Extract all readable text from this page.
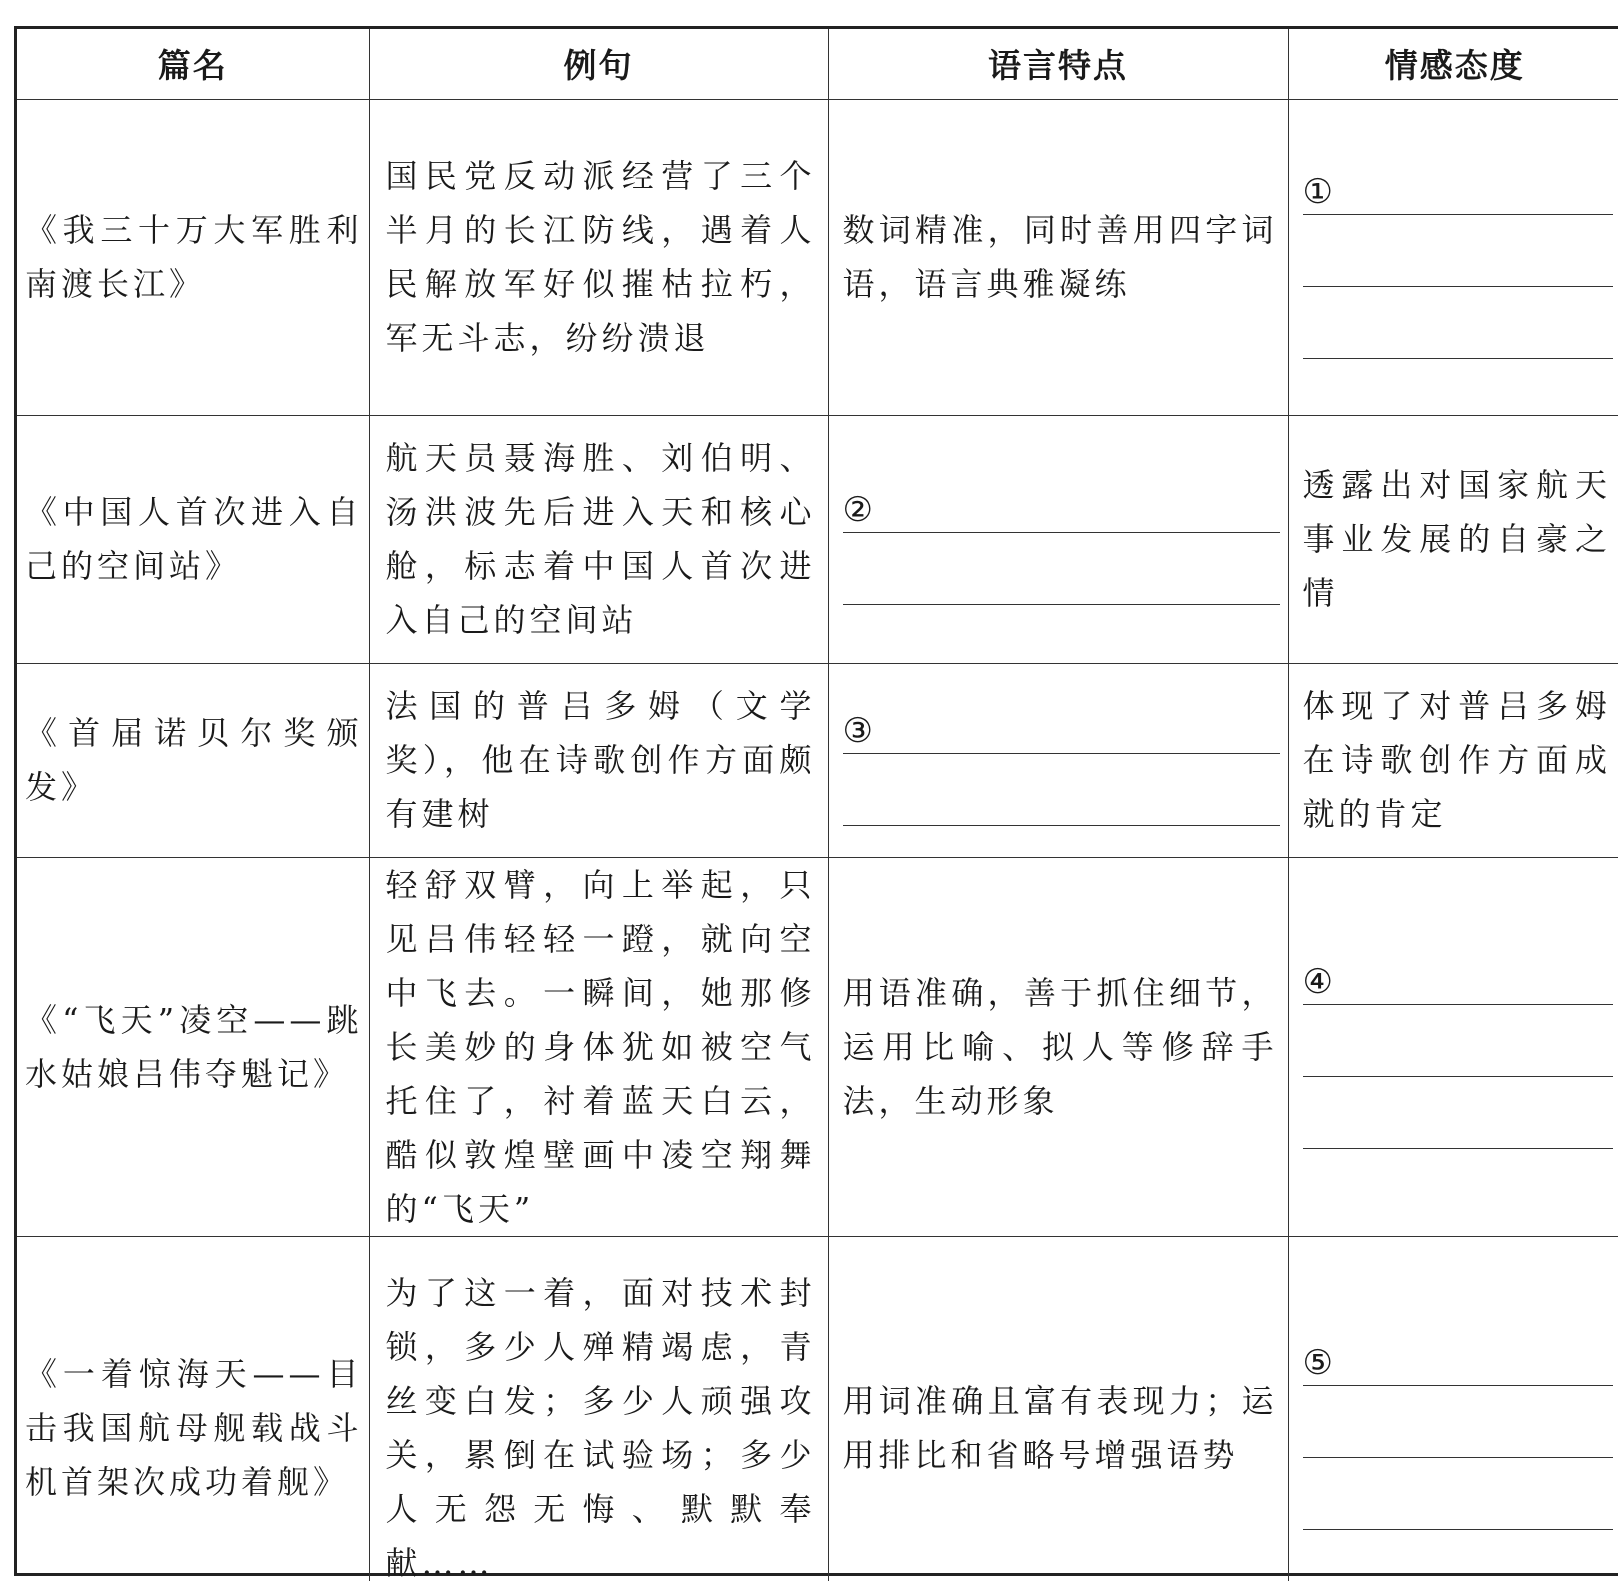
篇名	例句	语言特点	情感态度

《我三十万大军胜利南渡长江》	国民党反动派经营了三个半月的长江防线，遇着人民解放军好似摧枯拉朽，军无斗志，纷纷溃退	数词精准，同时善用四字词语，语言典雅凝练	①

《中国人首次进入自己的空间站》	航天员聂海胜、刘伯明、汤洪波先后进入天和核心舱，标志着中国人首次进入自己的空间站	②	透露出对国家航天事业发展的自豪之情

《首届诺贝尔奖颁发》	法国的普吕多姆（文学奖），他在诗歌创作方面颇有建树	③	体现了对普吕多姆在诗歌创作方面成就的肯定

《“飞天”凌空——跳水姑娘吕伟夺魁记》	轻舒双臂，向上举起，只见吕伟轻轻一蹬，就向空中飞去。一瞬间，她那修长美妙的身体犹如被空气托住了，衬着蓝天白云，酷似敦煌壁画中凌空翔舞的“飞天”	用语准确，善于抓住细节，运用比喻、拟人等修辞手法，生动形象	④

《一着惊海天——目击我国航母舰载战斗机首架次成功着舰》	为了这一着，面对技术封锁，多少人殚精竭虑，青丝变白发；多少人顽强攻关，累倒在试验场；多少人无怨无悔、默默奉献……	用词准确且富有表现力；运用排比和省略号增强语势	⑤
